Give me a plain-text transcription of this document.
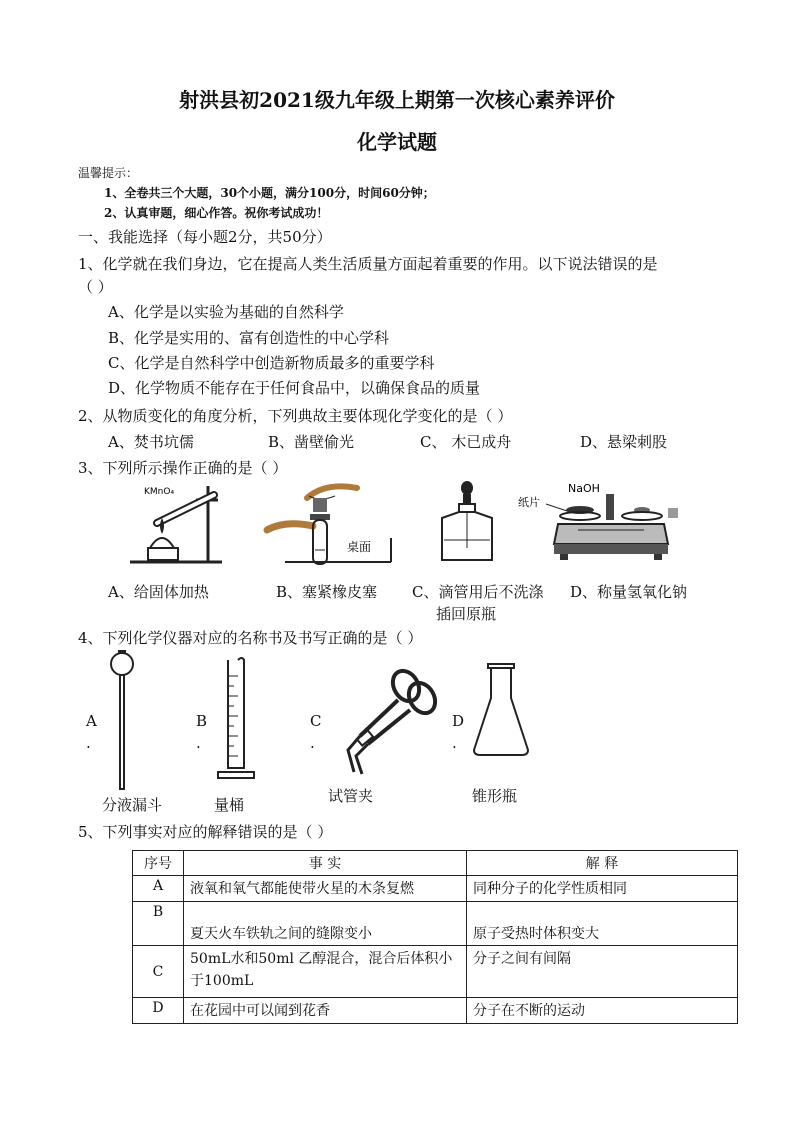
射洪县初2021级九年级上期第一次核心素养评价
化学试题
温馨提示：
1、全卷共三个大题，30个小题，满分100分，时间60分钟；
2、认真审题，细心作答。祝你考试成功！
一、我能选择（每小题2分，共50分）
1、化学就在我们身边，它在提高人类生活质量方面起着重要的作用。以下说法错误的是
（ ）
A、化学是以实验为基础的自然科学
B、化学是实用的、富有创造性的中心学科
C、化学是自然科学中创造新物质最多的重要学科
D、化学物质不能存在于任何食品中，以确保食品的质量
2、从物质变化的角度分析，下列典故主要体现化学变化的是（ ）
A、焚书坑儒	B、凿壁偷光	C、 木已成舟	D、悬梁刺股
3、下列所示操作正确的是（ ）
KMnO₄
桌面
NaOH
纸片
A、给固体加热	B、塞紧橡皮塞 C、滴管用后不洗涤
插回原瓶
D、称量氢氧化钠
4、下列化学仪器对应的名称书及书写正确的是（ ）
A
.
分液漏斗
B
.
量桶
C
.
试管夹
D
.
锥形瓶
5、下列事实对应的解释错误的是（ ）
序号	事 实	解 释
A	液氧和氧气都能使带火星的木条复燃	同种分子的化学性质相同
B	夏天火车铁轨之间的缝隙变小	原子受热时体积变大
C	50mL水和50ml 乙醇混合，混合后体积小于100mL	分子之间有间隔
D	在花园中可以闻到花香	分子在不断的运动
